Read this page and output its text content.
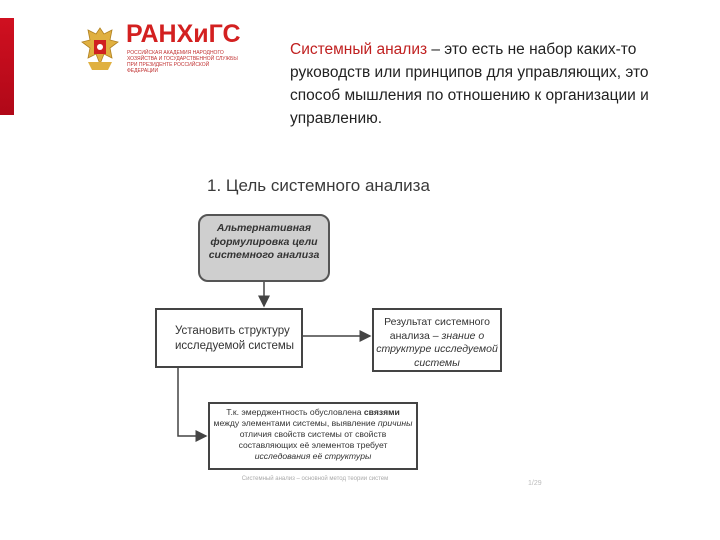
РАНХиГС
РОССИЙСКАЯ АКАДЕМИЯ НАРОДНОГО ХОЗЯЙСТВА И ГОСУДАРСТВЕННОЙ СЛУЖБЫ ПРИ ПРЕЗИДЕНТЕ РОССИЙСКОЙ ФЕДЕРАЦИИ
Системный анализ – это есть не набор каких-то руководств или принципов для управляющих, это способ мышления по отношению к организации и управлению.
1. Цель системного анализа
Альтернативная формулировка цели системного анализа
Установить структуру исследуемой системы
Результат системного анализа – знание о структуре исследуемой системы
Т.к. эмерджентность обусловлена связями между элементами системы, выявление причины отличия свойств системы от свойств составляющих её элементов требует исследования её структуры
Системный анализ – основной метод теории систем
1/29
